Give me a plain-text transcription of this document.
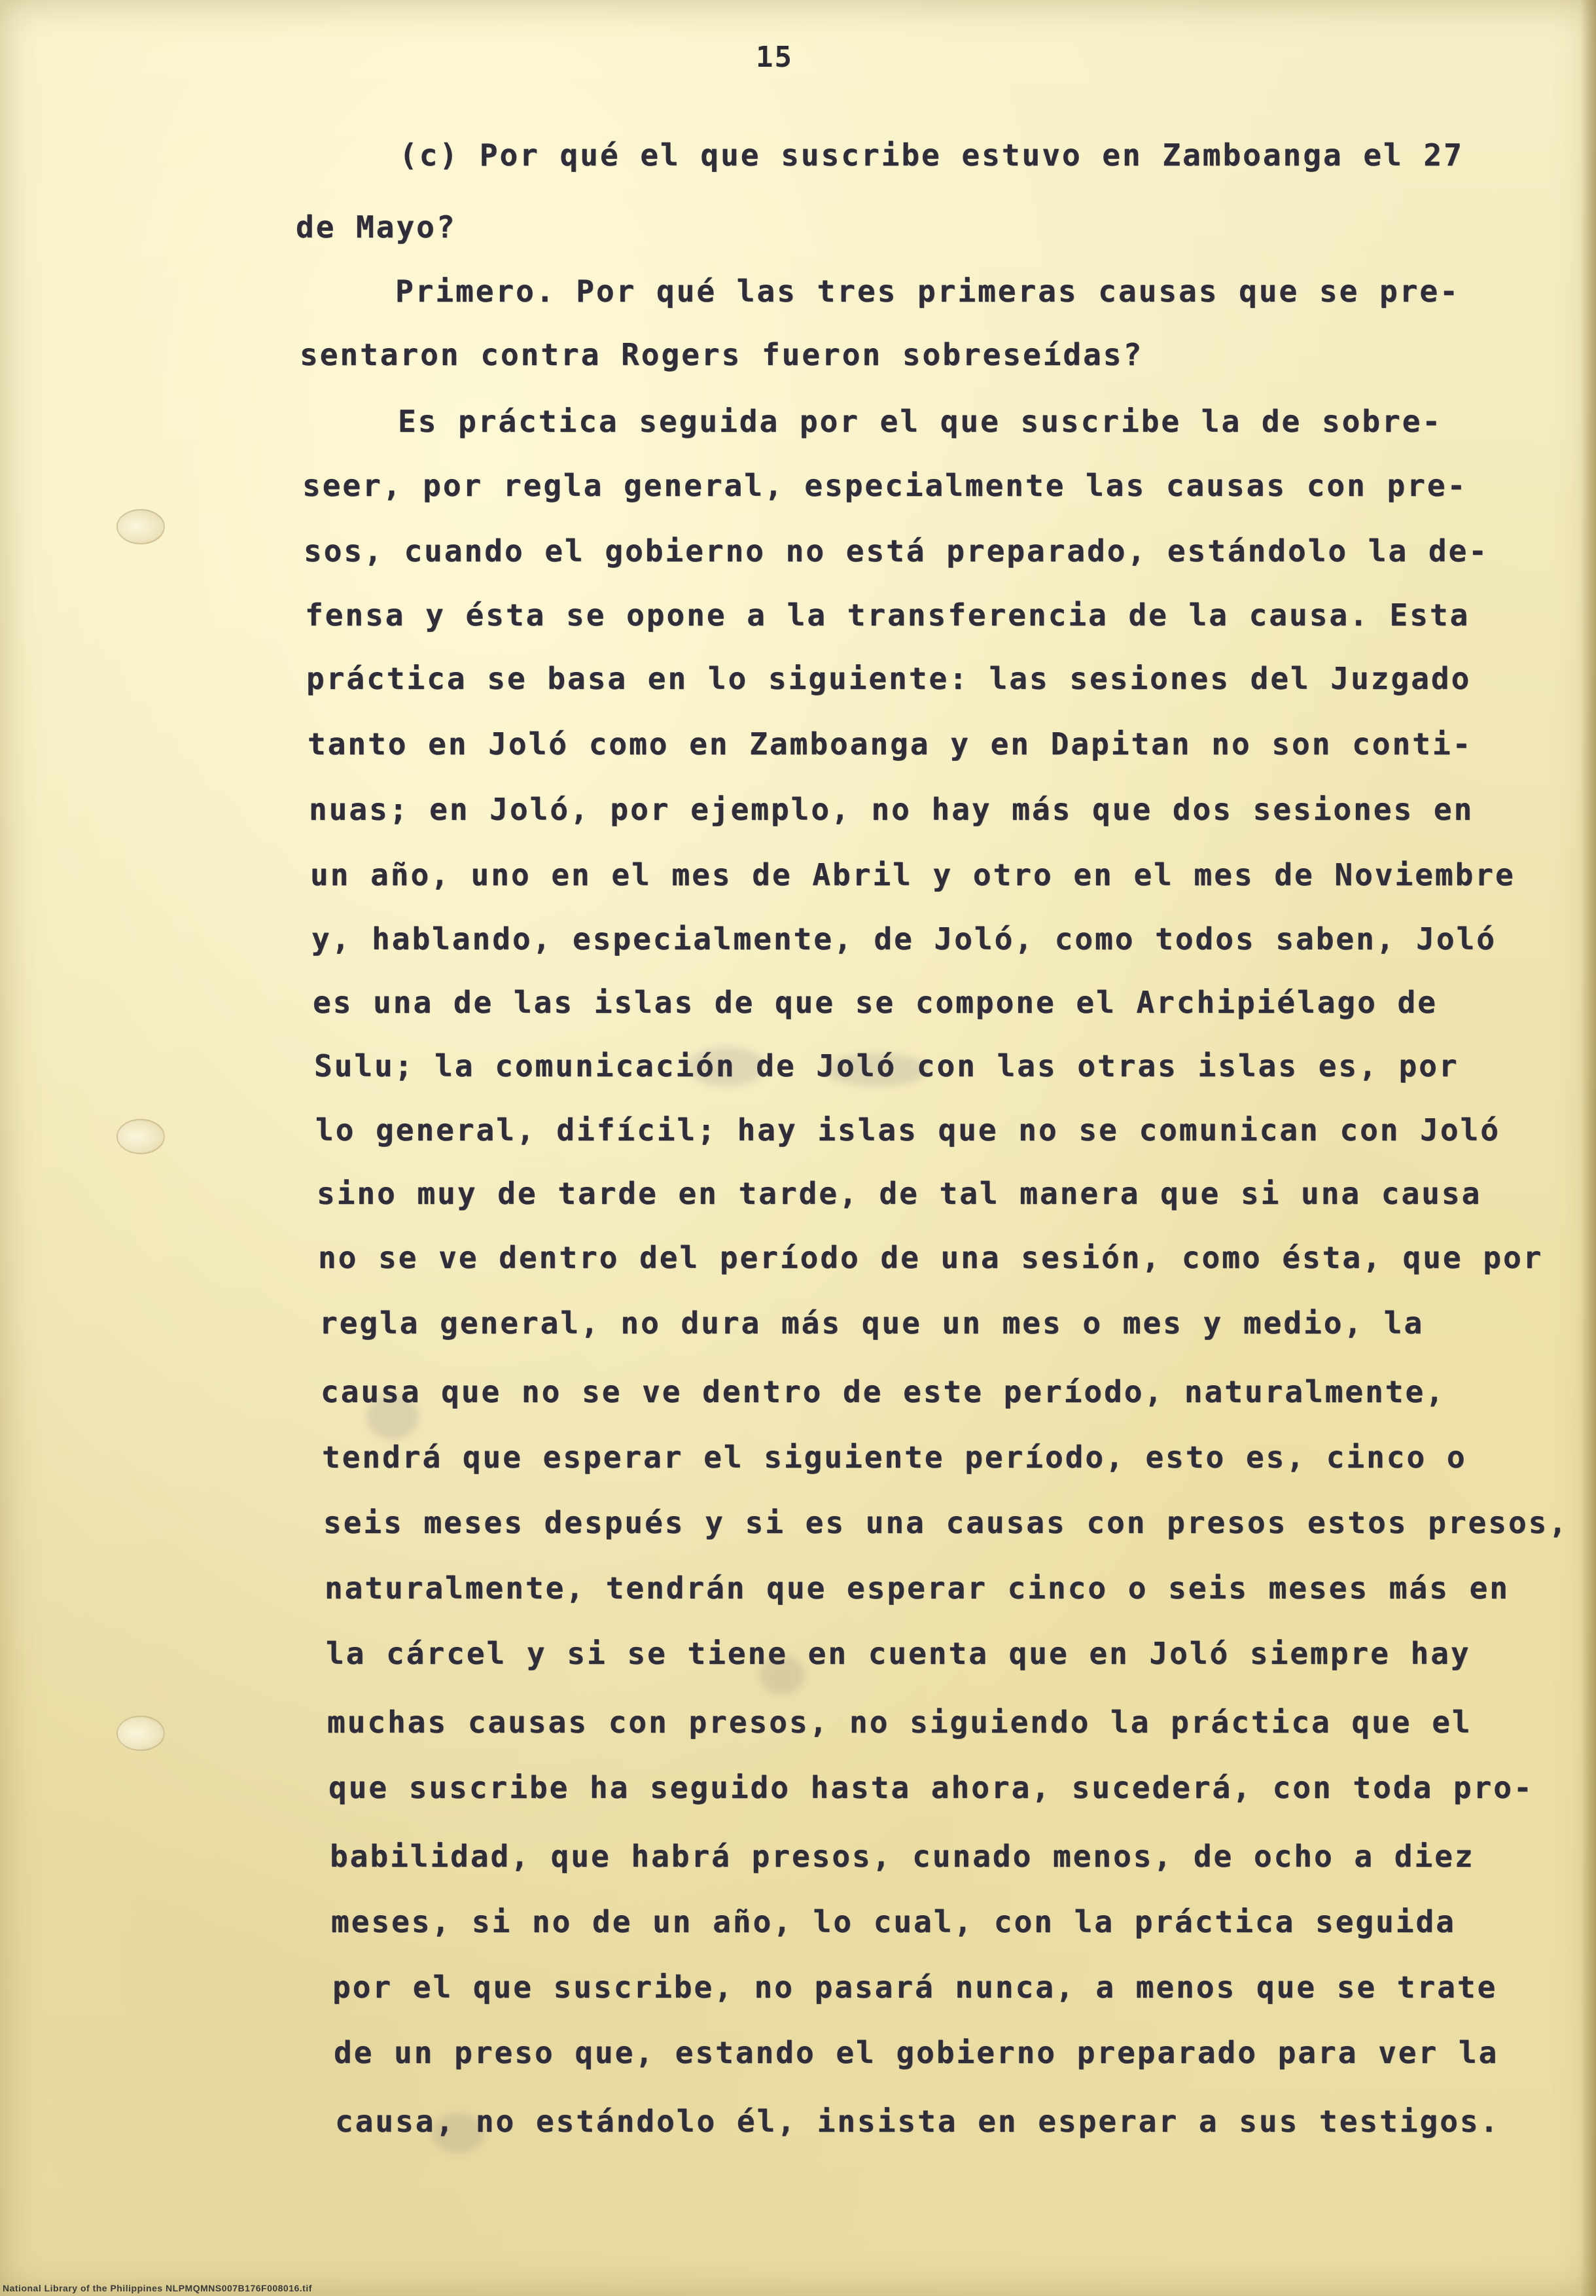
15
(c) Por qué el que suscribe estuvo en Zamboanga el 27
de Mayo?
Primero. Por qué las tres primeras causas que se pre-
sentaron contra Rogers fueron sobreseídas?
Es práctica seguida por el que suscribe la de sobre-
seer, por regla general, especialmente las causas con pre-
sos, cuando el gobierno no está preparado, estándolo la de-
fensa y ésta se opone a la transferencia de la causa. Esta
práctica se basa en lo siguiente: las sesiones del Juzgado
tanto en Joló como en Zamboanga y en Dapitan no son conti-
nuas; en Joló, por ejemplo, no hay más que dos sesiones en
un año, uno en el mes de Abril y otro en el mes de Noviembre
y, hablando, especialmente, de Joló, como todos saben, Joló
es una de las islas de que se compone el Archipiélago de
Sulu; la comunicación de Joló con las otras islas es, por
lo general, difícil; hay islas que no se comunican con Joló
sino muy de tarde en tarde, de tal manera que si una causa
no se ve dentro del período de una sesión, como ésta, que por
regla general, no dura más que un mes o mes y medio, la
causa que no se ve dentro de este período, naturalmente,
tendrá que esperar el siguiente período, esto es, cinco o
seis meses después y si es una causas con presos estos presos,
naturalmente, tendrán que esperar cinco o seis meses más en
la cárcel y si se tiene en cuenta que en Joló siempre hay
muchas causas con presos, no siguiendo la práctica que el
que suscribe ha seguido hasta ahora, sucederá, con toda pro-
babilidad, que habrá presos, cunado menos, de ocho a diez
meses, si no de un año, lo cual, con la práctica seguida
por el que suscribe, no pasará nunca, a menos que se trate
de un preso que, estando el gobierno preparado para ver la
causa, no estándolo él, insista en esperar a sus testigos.
National Library of the Philippines NLPMQMNS007B176F008016.tif
